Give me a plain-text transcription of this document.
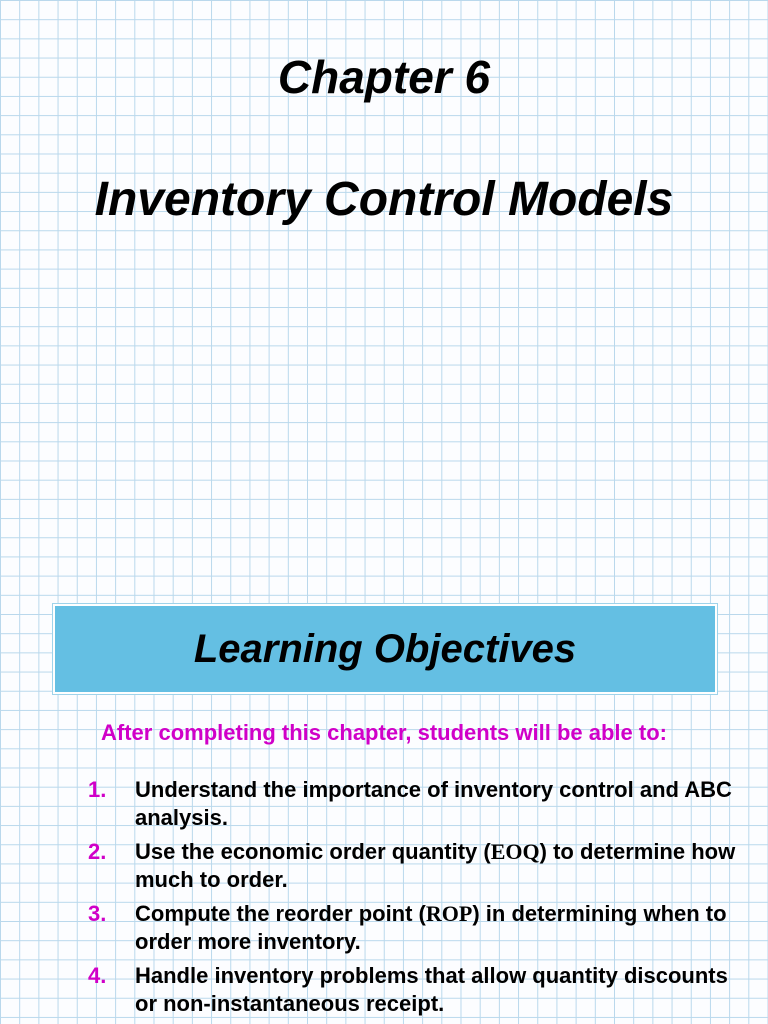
Chapter 6
Inventory Control Models
Learning Objectives

After completing this chapter, students will be able to:

1.	Understand the importance of inventory control and ABC analysis.
2.	Use the economic order quantity (EOQ) to determine how much to order.
3.	Compute the reorder point (ROP) in determining when to order more inventory.
4.	Handle inventory problems that allow quantity discounts or non-instantaneous receipt.
